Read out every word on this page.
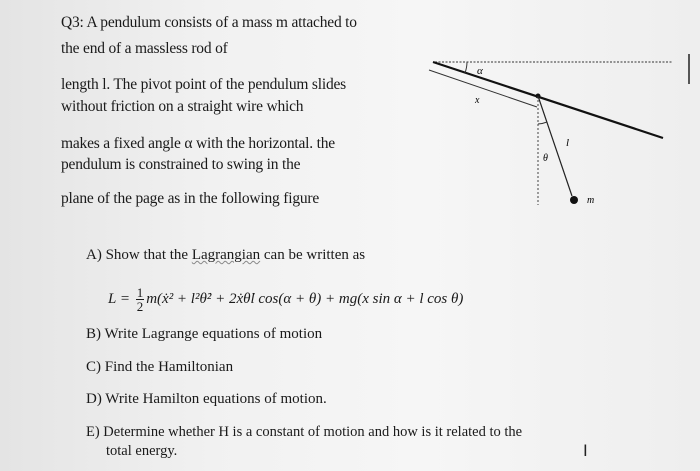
Q3: A pendulum consists of a mass m attached to
the end of a massless rod of
length l. The pivot point of the pendulum slides
without friction on a straight wire which
makes a fixed angle α with the horizontal. the
pendulum is constrained to swing in the
plane of the page as in the following figure
α
x
l
θ
m
A) Show that the Lagrangian can be written as
$L = \frac{1}{2}$ m(ẋ² + l²θ̇² + 2ẋθ̇l cos(α + θ) + mg(x sin α + l cos θ)
B) Write Lagrange equations of motion
C) Find the Hamiltonian
D) Write Hamilton equations of motion.
E) Determine whether H is a constant of motion and how is it related to the
total energy.	Ι
